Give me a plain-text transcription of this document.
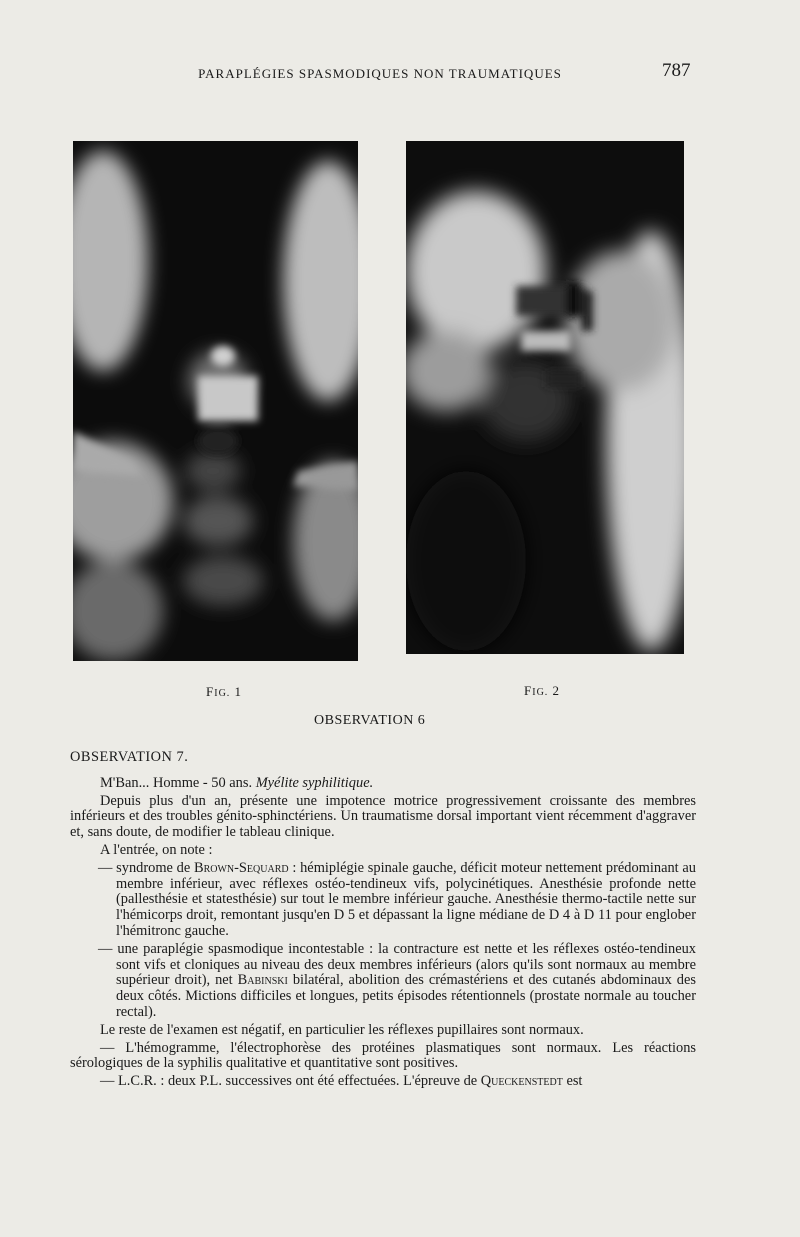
PARAPLÉGIES SPASMODIQUES NON TRAUMATIQUES	787
FIG. 1	FIG. 2
OBSERVATION 6

OBSERVATION 7.

M'Ban... Homme - 50 ans. Myélite syphilitique.

Depuis plus d'un an, présente une impotence motrice progressivement croissante des membres inférieurs et des troubles génito-sphinctériens. Un traumatisme dorsal important vient récemment d'aggraver et, sans doute, de modifier le tableau clinique.

A l'entrée, on note :

— syndrome de Brown-Sequard : hémiplégie spinale gauche, déficit moteur nettement prédominant au membre inférieur, avec réflexes ostéo-tendineux vifs, polycinétiques. Anesthésie profonde nette (pallesthésie et statesthésie) sur tout le membre inférieur gauche. Anesthésie thermo-tactile nette sur l'hémicorps droit, remontant jusqu'en D 5 et dépassant la ligne médiane de D 4 à D 11 pour englober l'hémitronc gauche.

— une paraplégie spasmodique incontestable : la contracture est nette et les réflexes ostéo-tendineux sont vifs et cloniques au niveau des deux membres inférieurs (alors qu'ils sont normaux au membre supérieur droit), net Babinski bilatéral, abolition des crémastériens et des cutanés abdominaux des deux côtés. Mictions difficiles et longues, petits épisodes rétentionnels (prostate normale au toucher rectal).

Le reste de l'examen est négatif, en particulier les réflexes pupillaires sont normaux.

— L'hémogramme, l'électrophorèse des protéines plasmatiques sont normaux. Les réactions sérologiques de la syphilis qualitative et quantitative sont positives.

— L.C.R. : deux P.L. successives ont été effectuées. L'épreuve de Queckenstedt est
